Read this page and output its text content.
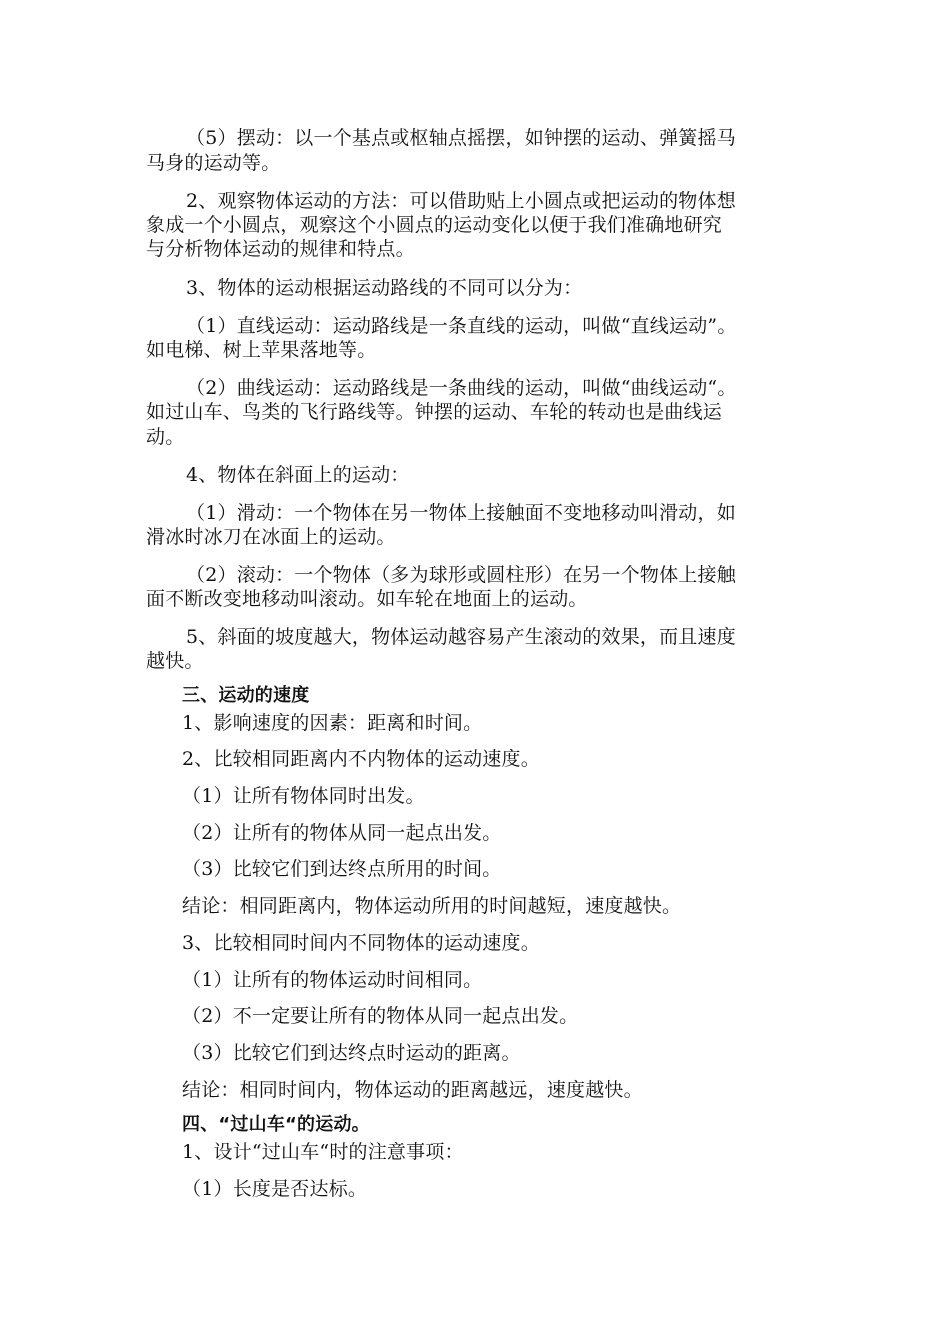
（5）摆动：以一个基点或枢轴点摇摆，如钟摆的运动、弹簧摇马
马身的运动等。
2、观察物体运动的方法：可以借助贴上小圆点或把运动的物体想
象成一个小圆点，观察这个小圆点的运动变化以便于我们准确地研究
与分析物体运动的规律和特点。
3、物体的运动根据运动路线的不同可以分为：
（1）直线运动：运动路线是一条直线的运动，叫做“直线运动”。
如电梯、树上苹果落地等。
（2）曲线运动：运动路线是一条曲线的运动，叫做“曲线运动“。
如过山车、鸟类的飞行路线等。钟摆的运动、车轮的转动也是曲线运
动。
4、物体在斜面上的运动：
（1）滑动：一个物体在另一物体上接触面不变地移动叫滑动，如
滑冰时冰刀在冰面上的运动。
（2）滚动：一个物体（多为球形或圆柱形）在另一个物体上接触
面不断改变地移动叫滚动。如车轮在地面上的运动。
5、斜面的坡度越大，物体运动越容易产生滚动的效果，而且速度
越快。
三、运动的速度
1、影响速度的因素：距离和时间。
2、比较相同距离内不内物体的运动速度。
（1）让所有物体同时出发。
（2）让所有的物体从同一起点出发。
（3）比较它们到达终点所用的时间。
结论：相同距离内，物体运动所用的时间越短，速度越快。
3、比较相同时间内不同物体的运动速度。
（1）让所有的物体运动时间相同。
（2）不一定要让所有的物体从同一起点出发。
（3）比较它们到达终点时运动的距离。
结论：相同时间内，物体运动的距离越远，速度越快。
四、“过山车“的运动。
1、设计“过山车“时的注意事项：
（1）长度是否达标。
